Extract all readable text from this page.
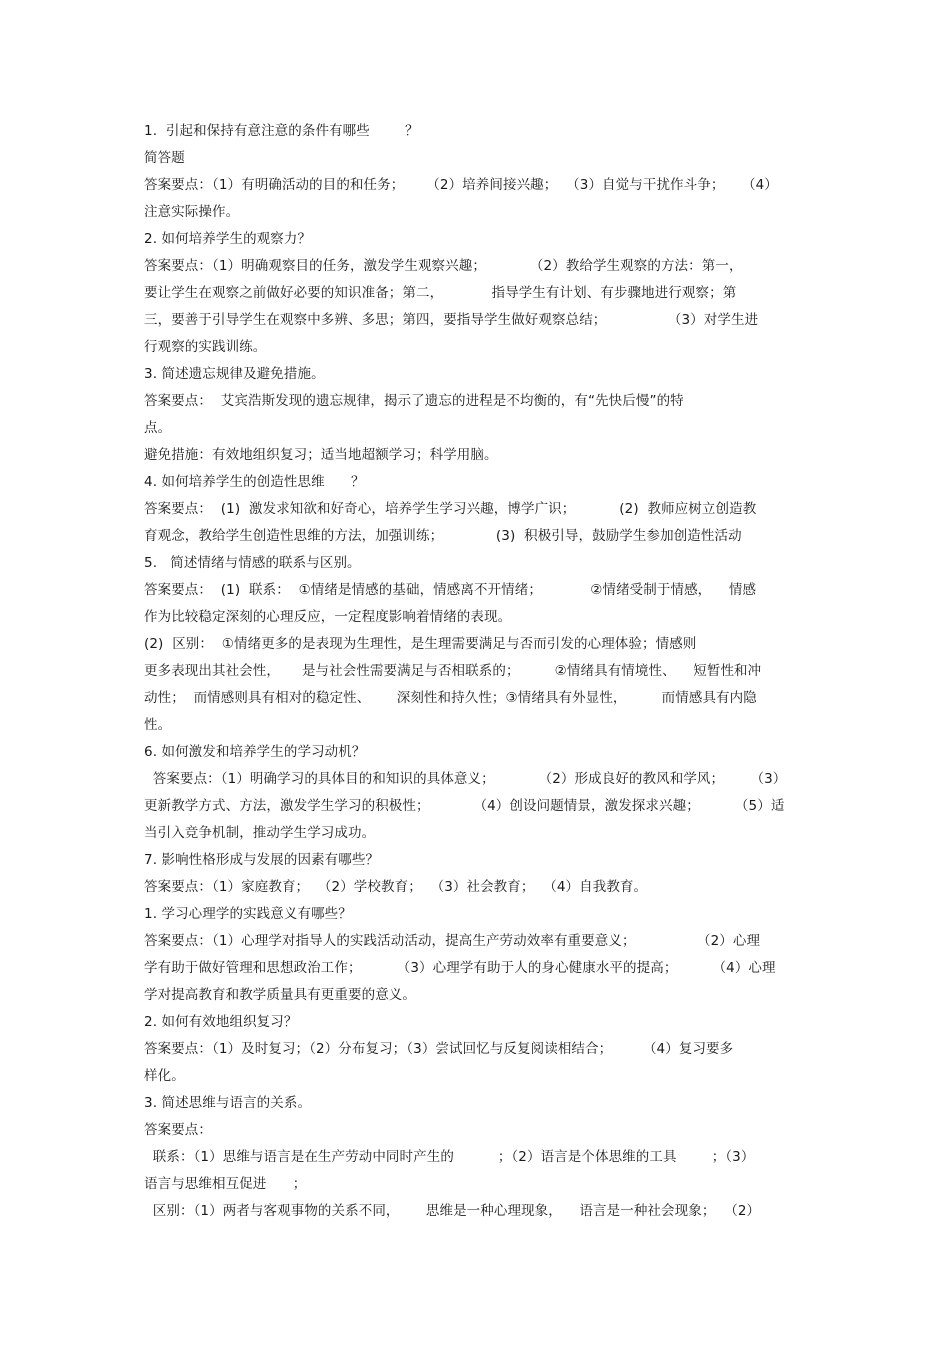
1.  引起和保持有意注意的条件有哪些        ？
简答题
答案要点：（1）有明确活动的目的和任务；     （2）培养间接兴趣；  （3）自觉与干扰作斗争；    （4）
注意实际操作。
2. 如何培养学生的观察力？
答案要点：（1）明确观察目的任务，激发学生观察兴趣；          （2）教给学生观察的方法：第一，
要让学生在观察之前做好必要的知识准备；第二，           指导学生有计划、有步骤地进行观察；第
三，要善于引导学生在观察中多辨、多思；第四，要指导学生做好观察总结；              （3）对学生进
行观察的实践训练。
3. 简述遗忘规律及避免措施。
答案要点：  艾宾浩斯发现的遗忘规律，揭示了遗忘的进程是不均衡的，有“先快后慢”的特
点。
避免措施：有效地组织复习；适当地超额学习；科学用脑。
4. 如何培养学生的创造性思维      ？
答案要点：  (1)  激发求知欲和好奇心，培养学生学习兴趣，博学广识；          (2)  教师应树立创造教
育观念，教给学生创造性思维的方法，加强训练；            (3)  积极引导，鼓励学生参加创造性活动
5.   简述情绪与情感的联系与区别。
答案要点：  (1)  联系：  ①情绪是情感的基础，情感离不开情绪；           ②情绪受制于情感，    情感
作为比较稳定深刻的心理反应，一定程度影响着情绪的表现。
(2)  区别：  ①情绪更多的是表现为生理性，是生理需要满足与否而引发的心理体验；情感则
更多表现出其社会性，     是与社会性需要满足与否相联系的；        ②情绪具有情境性、    短暂性和冲
动性；  而情感则具有相对的稳定性、      深刻性和持久性；③情绪具有外显性，        而情感具有内隐
性。
6. 如何激发和培养学生的学习动机？
答案要点：（1）明确学习的具体目的和知识的具体意义；          （2）形成良好的教风和学风；      （3）
更新教学方式、方法，激发学生学习的积极性；          （4）创设问题情景，激发探求兴趣；        （5）适
当引入竞争机制，推动学生学习成功。
7. 影响性格形成与发展的因素有哪些？
答案要点：（1）家庭教育；  （2）学校教育；  （3）社会教育；  （4）自我教育。
1. 学习心理学的实践意义有哪些？
答案要点：（1）心理学对指导人的实践活动活动，提高生产劳动效率有重要意义；              （2）心理
学有助于做好管理和思想政治工作；        （3）心理学有助于人的身心健康水平的提高；        （4）心理
学对提高教育和教学质量具有更重要的意义。
2. 如何有效地组织复习？
答案要点：（1）及时复习；（2）分布复习；（3）尝试回忆与反复阅读相结合；       （4）复习要多
样化。
3. 简述思维与语言的关系。
答案要点：
联系：（1）思维与语言是在生产劳动中同时产生的          ；（2）语言是个体思维的工具        ；（3）
语言与思维相互促进      ；
区别：（1）两者与客观事物的关系不同，      思维是一种心理现象，    语言是一种社会现象；  （2）
